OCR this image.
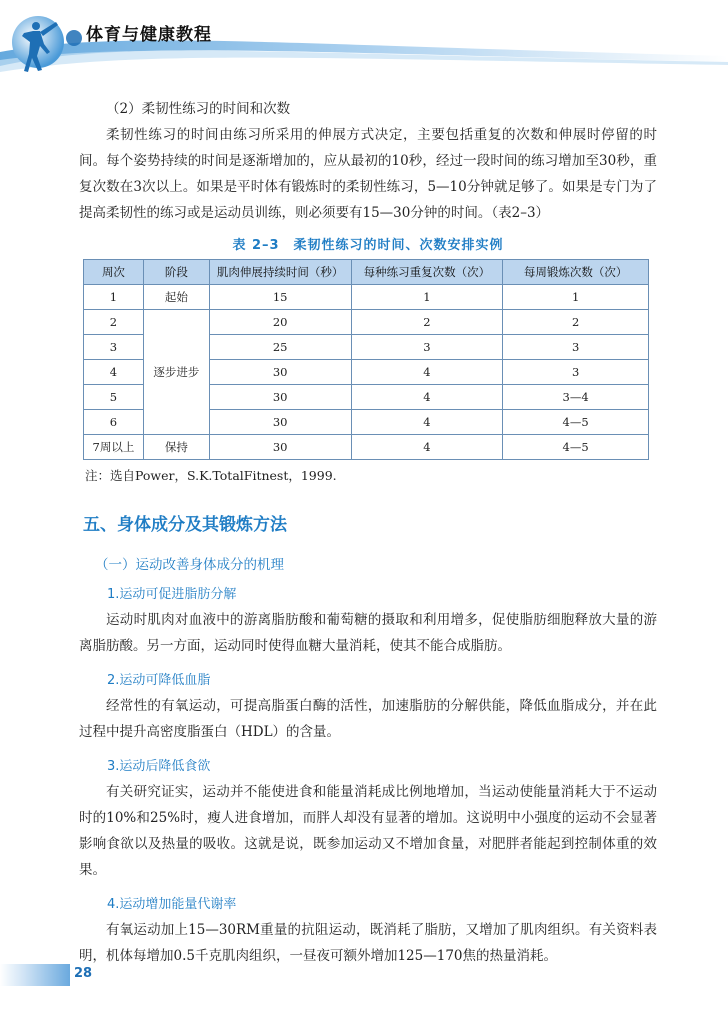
体育与健康教程
（2）柔韧性练习的时间和次数

柔韧性练习的时间由练习所采用的伸展方式决定，主要包括重复的次数和伸展时停留的时间。每个姿势持续的时间是逐渐增加的，应从最初的10秒，经过一段时间的练习增加至30秒，重复次数在3次以上。如果是平时体有锻炼时的柔韧性练习，5—10分钟就足够了。如果是专门为了提高柔韧性的练习或是运动员训练，则必须要有15—30分钟的时间。（表2–3）

表 2–3　柔韧性练习的时间、次数安排实例
周次	阶段	肌肉伸展持续时间（秒）	每种练习重复次数（次）	每周锻炼次数（次）
1	起始	15	1	1
2		20	2	2
3		25	3	3
4	逐步进步	30	4	3
5		30	4	3—4
6		30	4	4—5
7周以上	保持	30	4	4—5
注：选自Power，S.K.TotalFitnest，1999.
五、身体成分及其锻炼方法
（一）运动改善身体成分的机理
1.运动可促进脂肪分解

运动时肌肉对血液中的游离脂肪酸和葡萄糖的摄取和利用增多，促使脂肪细胞释放大量的游离脂肪酸。另一方面，运动同时使得血糖大量消耗，使其不能合成脂肪。

2.运动可降低血脂

经常性的有氧运动，可提高脂蛋白酶的活性，加速脂肪的分解供能，降低血脂成分，并在此过程中提升高密度脂蛋白（HDL）的含量。

3.运动后降低食欲

有关研究证实，运动并不能使进食和能量消耗成比例地增加，当运动使能量消耗大于不运动时的10%和25%时，瘦人进食增加，而胖人却没有显著的增加。这说明中小强度的运动不会显著影响食欲以及热量的吸收。这就是说，既参加运动又不增加食量，对肥胖者能起到控制体重的效果。

4.运动增加能量代谢率

有氧运动加上15—30RM重量的抗阻运动，既消耗了脂肪，又增加了肌肉组织。有关资料表明，机体每增加0.5千克肌肉组织，一昼夜可额外增加125—170焦的热量消耗。

28
